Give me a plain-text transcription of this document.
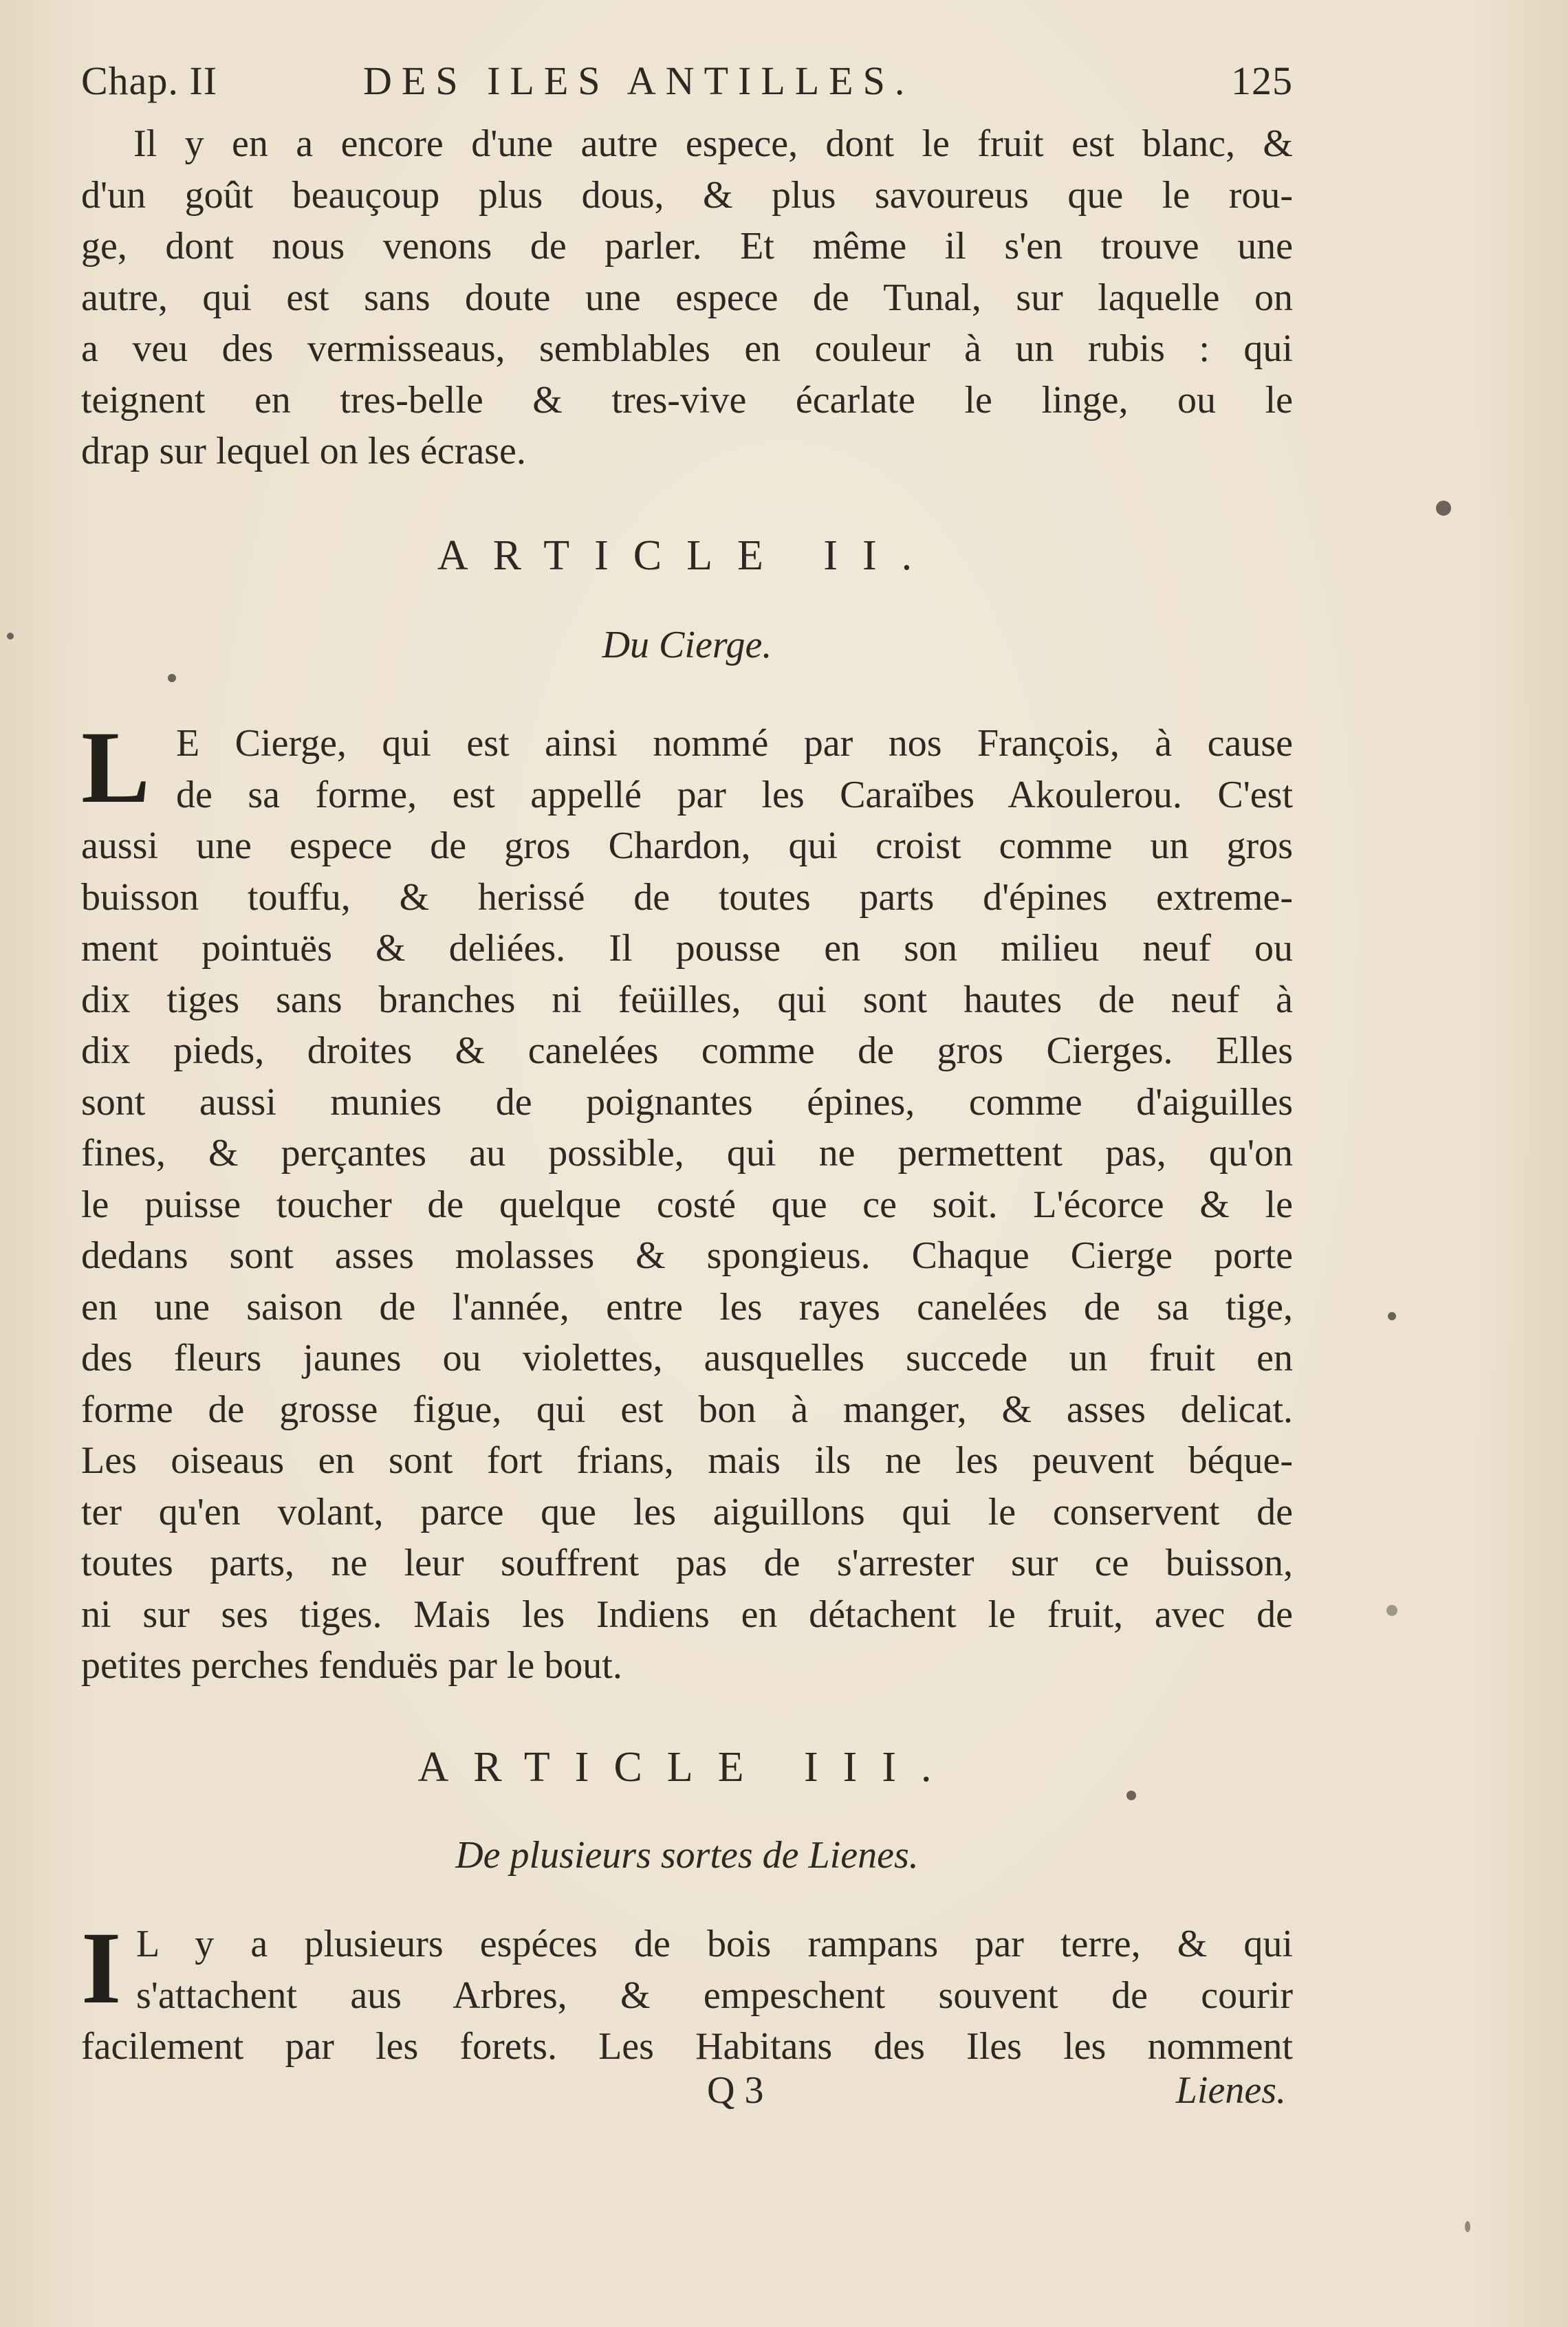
Chap. II	DES ILES ANTILLES.	125
Il y en a encore d'une autre espece, dont le fruit est blanc, &
d'un goût beauçoup plus dous, & plus savoureus que le rou-
ge, dont nous venons de parler. Et même il s'en trouve une
autre, qui est sans doute une espece de Tunal, sur laquelle on
a veu des vermisseaus, semblables en couleur à un rubis : qui
teignent en tres-belle & tres-vive écarlate le linge, ou le
drap sur lequel on les écrase.
ARTICLE II.
Du Cierge.
L E Cierge, qui est ainsi nommé par nos François, à cause
de sa forme, est appellé par les Caraïbes Akoulerou. C'est
aussi une espece de gros Chardon, qui croist comme un gros
buisson touffu, & herissé de toutes parts d'épines extreme-
ment pointuës & deliées. Il pousse en son milieu neuf ou
dix tiges sans branches ni feüilles, qui sont hautes de neuf à
dix pieds, droites & canelées comme de gros Cierges. Elles
sont aussi munies de poignantes épines, comme d'aiguilles
fines, & perçantes au possible, qui ne permettent pas, qu'on
le puisse toucher de quelque costé que ce soit. L'écorce & le
dedans sont asses molasses & spongieus. Chaque Cierge porte
en une saison de l'année, entre les rayes canelées de sa tige,
des fleurs jaunes ou violettes, ausquelles succede un fruit en
forme de grosse figue, qui est bon à manger, & asses delicat.
Les oiseaus en sont fort frians, mais ils ne les peuvent béque-
ter qu'en volant, parce que les aiguillons qui le conservent de
toutes parts, ne leur souffrent pas de s'arrester sur ce buisson,
ni sur ses tiges. Mais les Indiens en détachent le fruit, avec de
petites perches fenduës par le bout.
ARTICLE III.
De plusieurs sortes de Lienes.
I L y a plusieurs espéces de bois rampans par terre, & qui
s'attachent aus Arbres, & empeschent souvent de courir
facilement par les forets. Les Habitans des Iles les nomment
Q 3	Lienes.
